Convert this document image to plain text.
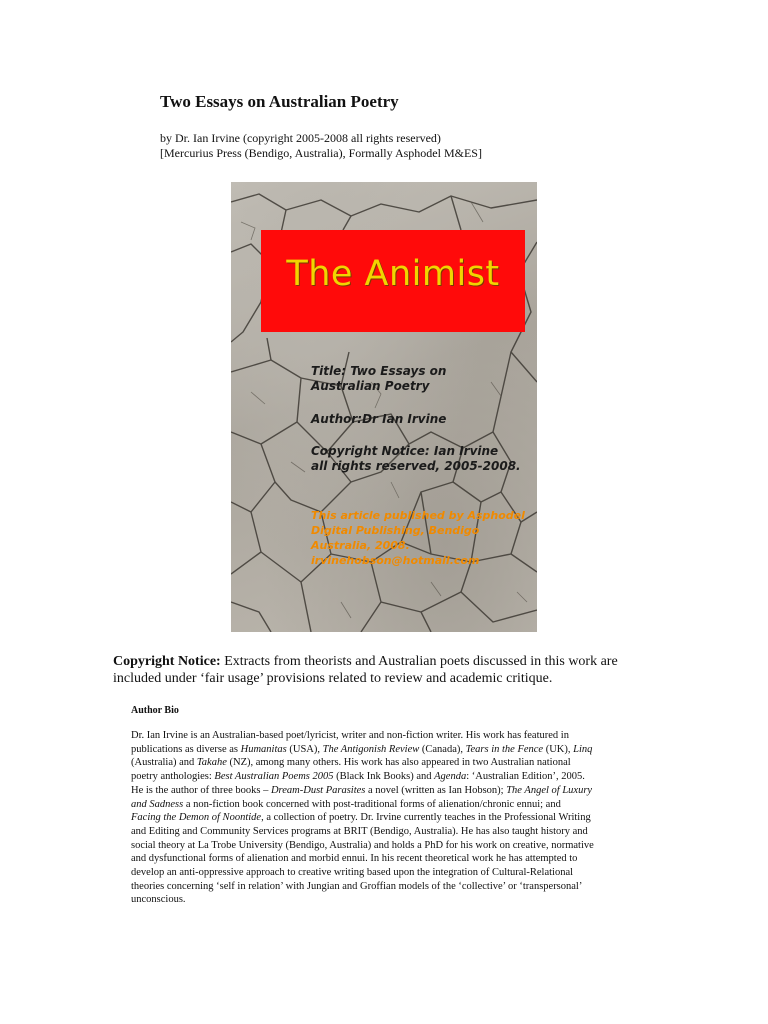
Two Essays on Australian Poetry
by Dr. Ian Irvine (copyright 2005-2008 all rights reserved)
[Mercurius Press (Bendigo, Australia), Formally Asphodel M&ES]
The Animist
Title: Two Essays on
Australian Poetry
Author:Dr Ian Irvine
Copyright Notice: Ian Irvine
all rights reserved, 2005-2008.
This article published by Asphodel
Digital Publishing, Bendigo
Australia, 2008.
irvinehobson@hotmail.com
Copyright Notice: Extracts from theorists and Australian poets discussed in this work are included under ‘fair usage’ provisions related to review and academic critique.
Author Bio
Dr. Ian Irvine is an Australian-based poet/lyricist, writer and non-fiction writer. His work has featured in
publications as diverse as Humanitas (USA), The Antigonish Review (Canada), Tears in the Fence (UK), Linq
(Australia) and Takahe (NZ), among many others. His work has also appeared in two Australian national
poetry anthologies: Best Australian Poems 2005 (Black Ink Books) and Agenda: ‘Australian Edition’, 2005.
He is the author of three books – Dream-Dust Parasites a novel (written as Ian Hobson); The Angel of Luxury
and Sadness a non-fiction book concerned with post-traditional forms of alienation/chronic ennui; and
Facing the Demon of Noontide, a collection of poetry. Dr. Irvine currently teaches in the Professional Writing
and Editing and Community Services programs at BRIT (Bendigo, Australia). He has also taught history and
social theory at La Trobe University (Bendigo, Australia) and holds a PhD for his work on creative, normative
and dysfunctional forms of alienation and morbid ennui. In his recent theoretical work he has attempted to
develop an anti-oppressive approach to creative writing based upon the integration of Cultural-Relational
theories concerning ‘self in relation’ with Jungian and Groffian models of the ‘collective’ or ‘transpersonal’
unconscious.
